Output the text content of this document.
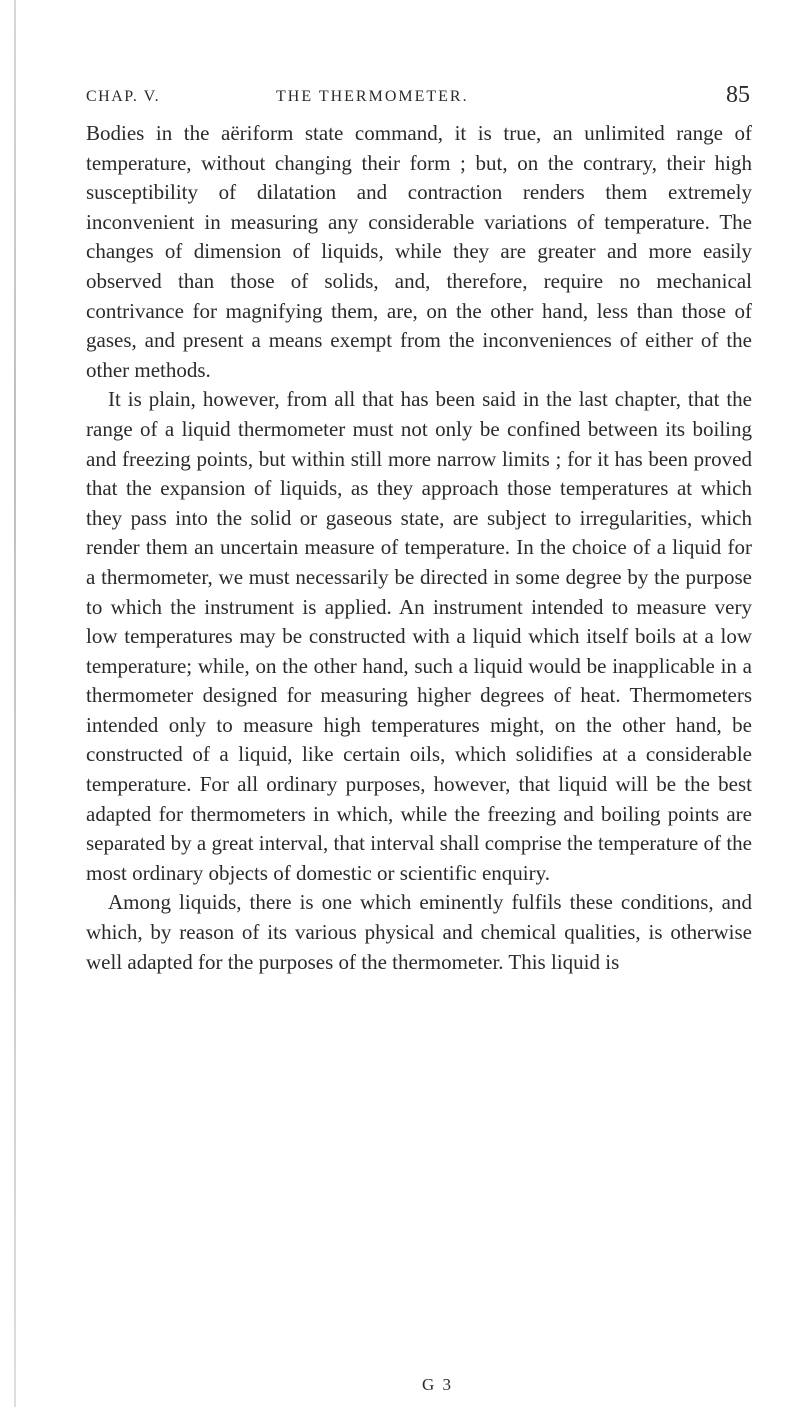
CHAP. V.	THE THERMOMETER.	85

Bodies in the aëriform state command, it is true, an unlimited range of temperature, without changing their form ; but, on the contrary, their high susceptibility of dilatation and contraction renders them extremely inconvenient in measuring any considerable variations of temperature. The changes of dimension of liquids, while they are greater and more easily observed than those of solids, and, therefore, require no mechanical contrivance for magnifying them, are, on the other hand, less than those of gases, and present a means exempt from the inconveniences of either of the other methods.

It is plain, however, from all that has been said in the last chapter, that the range of a liquid thermometer must not only be confined between its boiling and freezing points, but within still more narrow limits ; for it has been proved that the expansion of liquids, as they approach those temperatures at which they pass into the solid or gaseous state, are subject to irregularities, which render them an uncertain measure of temperature. In the choice of a liquid for a thermometer, we must necessarily be directed in some degree by the purpose to which the instrument is applied. An instrument intended to measure very low temperatures may be constructed with a liquid which itself boils at a low temperature; while, on the other hand, such a liquid would be inapplicable in a thermometer designed for measuring higher degrees of heat. Thermometers intended only to measure high temperatures might, on the other hand, be constructed of a liquid, like certain oils, which solidifies at a considerable temperature. For all ordinary purposes, however, that liquid will be the best adapted for thermometers in which, while the freezing and boiling points are separated by a great interval, that interval shall comprise the temperature of the most ordinary objects of domestic or scientific enquiry.

Among liquids, there is one which eminently fulfils these conditions, and which, by reason of its various physical and chemical qualities, is otherwise well adapted for the purposes of the thermometer. This liquid is

G 3
